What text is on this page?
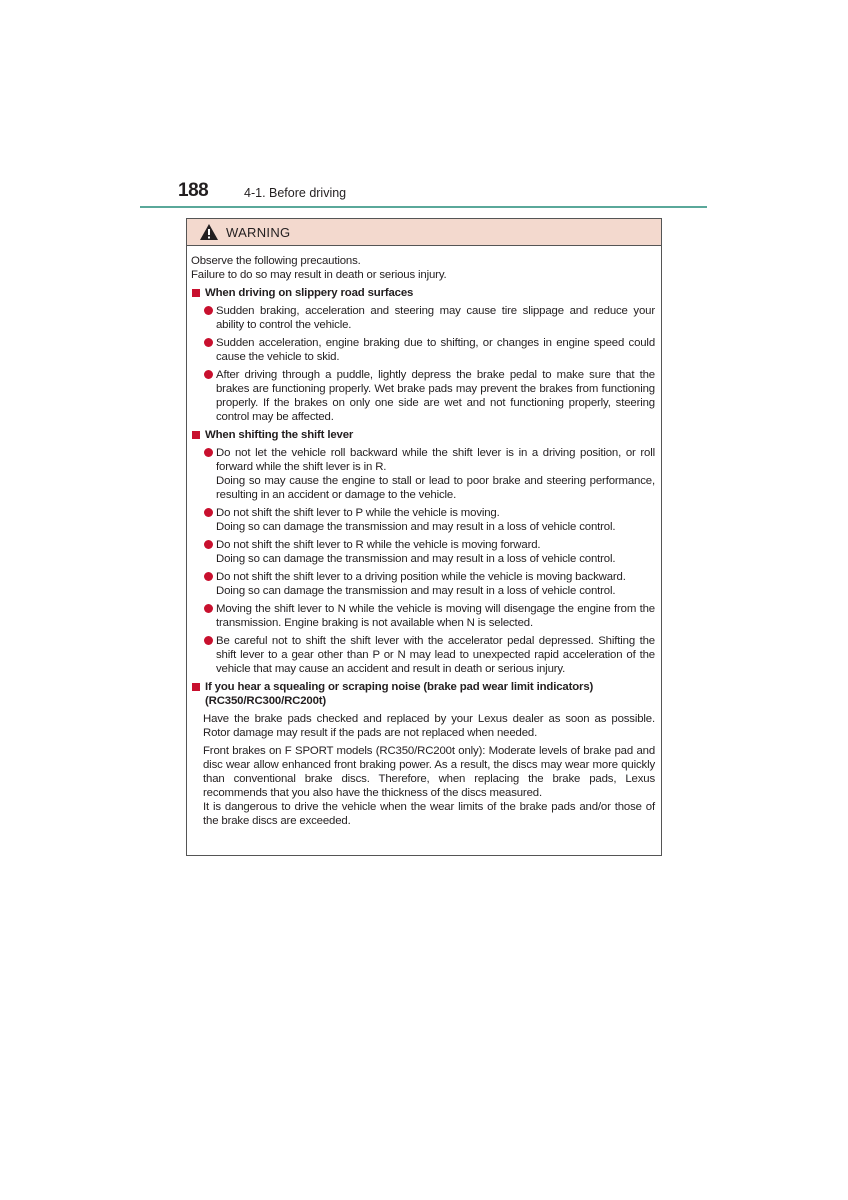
188	4-1. Before driving
WARNING

Observe the following precautions.

Failure to do so may result in death or serious injury.

When driving on slippery road surfaces

Sudden braking, acceleration and steering may cause tire slippage and reduce your ability to control the vehicle.

Sudden acceleration, engine braking due to shifting, or changes in engine speed could cause the vehicle to skid.

After driving through a puddle, lightly depress the brake pedal to make sure that the brakes are functioning properly. Wet brake pads may prevent the brakes from functioning properly. If the brakes on only one side are wet and not functioning properly, steering control may be affected.

When shifting the shift lever

Do not let the vehicle roll backward while the shift lever is in a driving position, or roll forward while the shift lever is in R.

Doing so may cause the engine to stall or lead to poor brake and steering performance, resulting in an accident or damage to the vehicle.

Do not shift the shift lever to P while the vehicle is moving.

Doing so can damage the transmission and may result in a loss of vehicle control.

Do not shift the shift lever to R while the vehicle is moving forward.

Doing so can damage the transmission and may result in a loss of vehicle control.

Do not shift the shift lever to a driving position while the vehicle is moving backward.

Doing so can damage the transmission and may result in a loss of vehicle control.

Moving the shift lever to N while the vehicle is moving will disengage the engine from the transmission. Engine braking is not available when N is selected.

Be careful not to shift the shift lever with the accelerator pedal depressed. Shifting the shift lever to a gear other than P or N may lead to unexpected rapid acceleration of the vehicle that may cause an accident and result in death or serious injury.

If you hear a squealing or scraping noise (brake pad wear limit indicators) (RC350/RC300/RC200t)

Have the brake pads checked and replaced by your Lexus dealer as soon as possible. Rotor damage may result if the pads are not replaced when needed.

Front brakes on F SPORT models (RC350/RC200t only): Moderate levels of brake pad and disc wear allow enhanced front braking power. As a result, the discs may wear more quickly than conventional brake discs. Therefore, when replacing the brake pads, Lexus recommends that you also have the thickness of the discs measured.

It is dangerous to drive the vehicle when the wear limits of the brake pads and/or those of the brake discs are exceeded.
